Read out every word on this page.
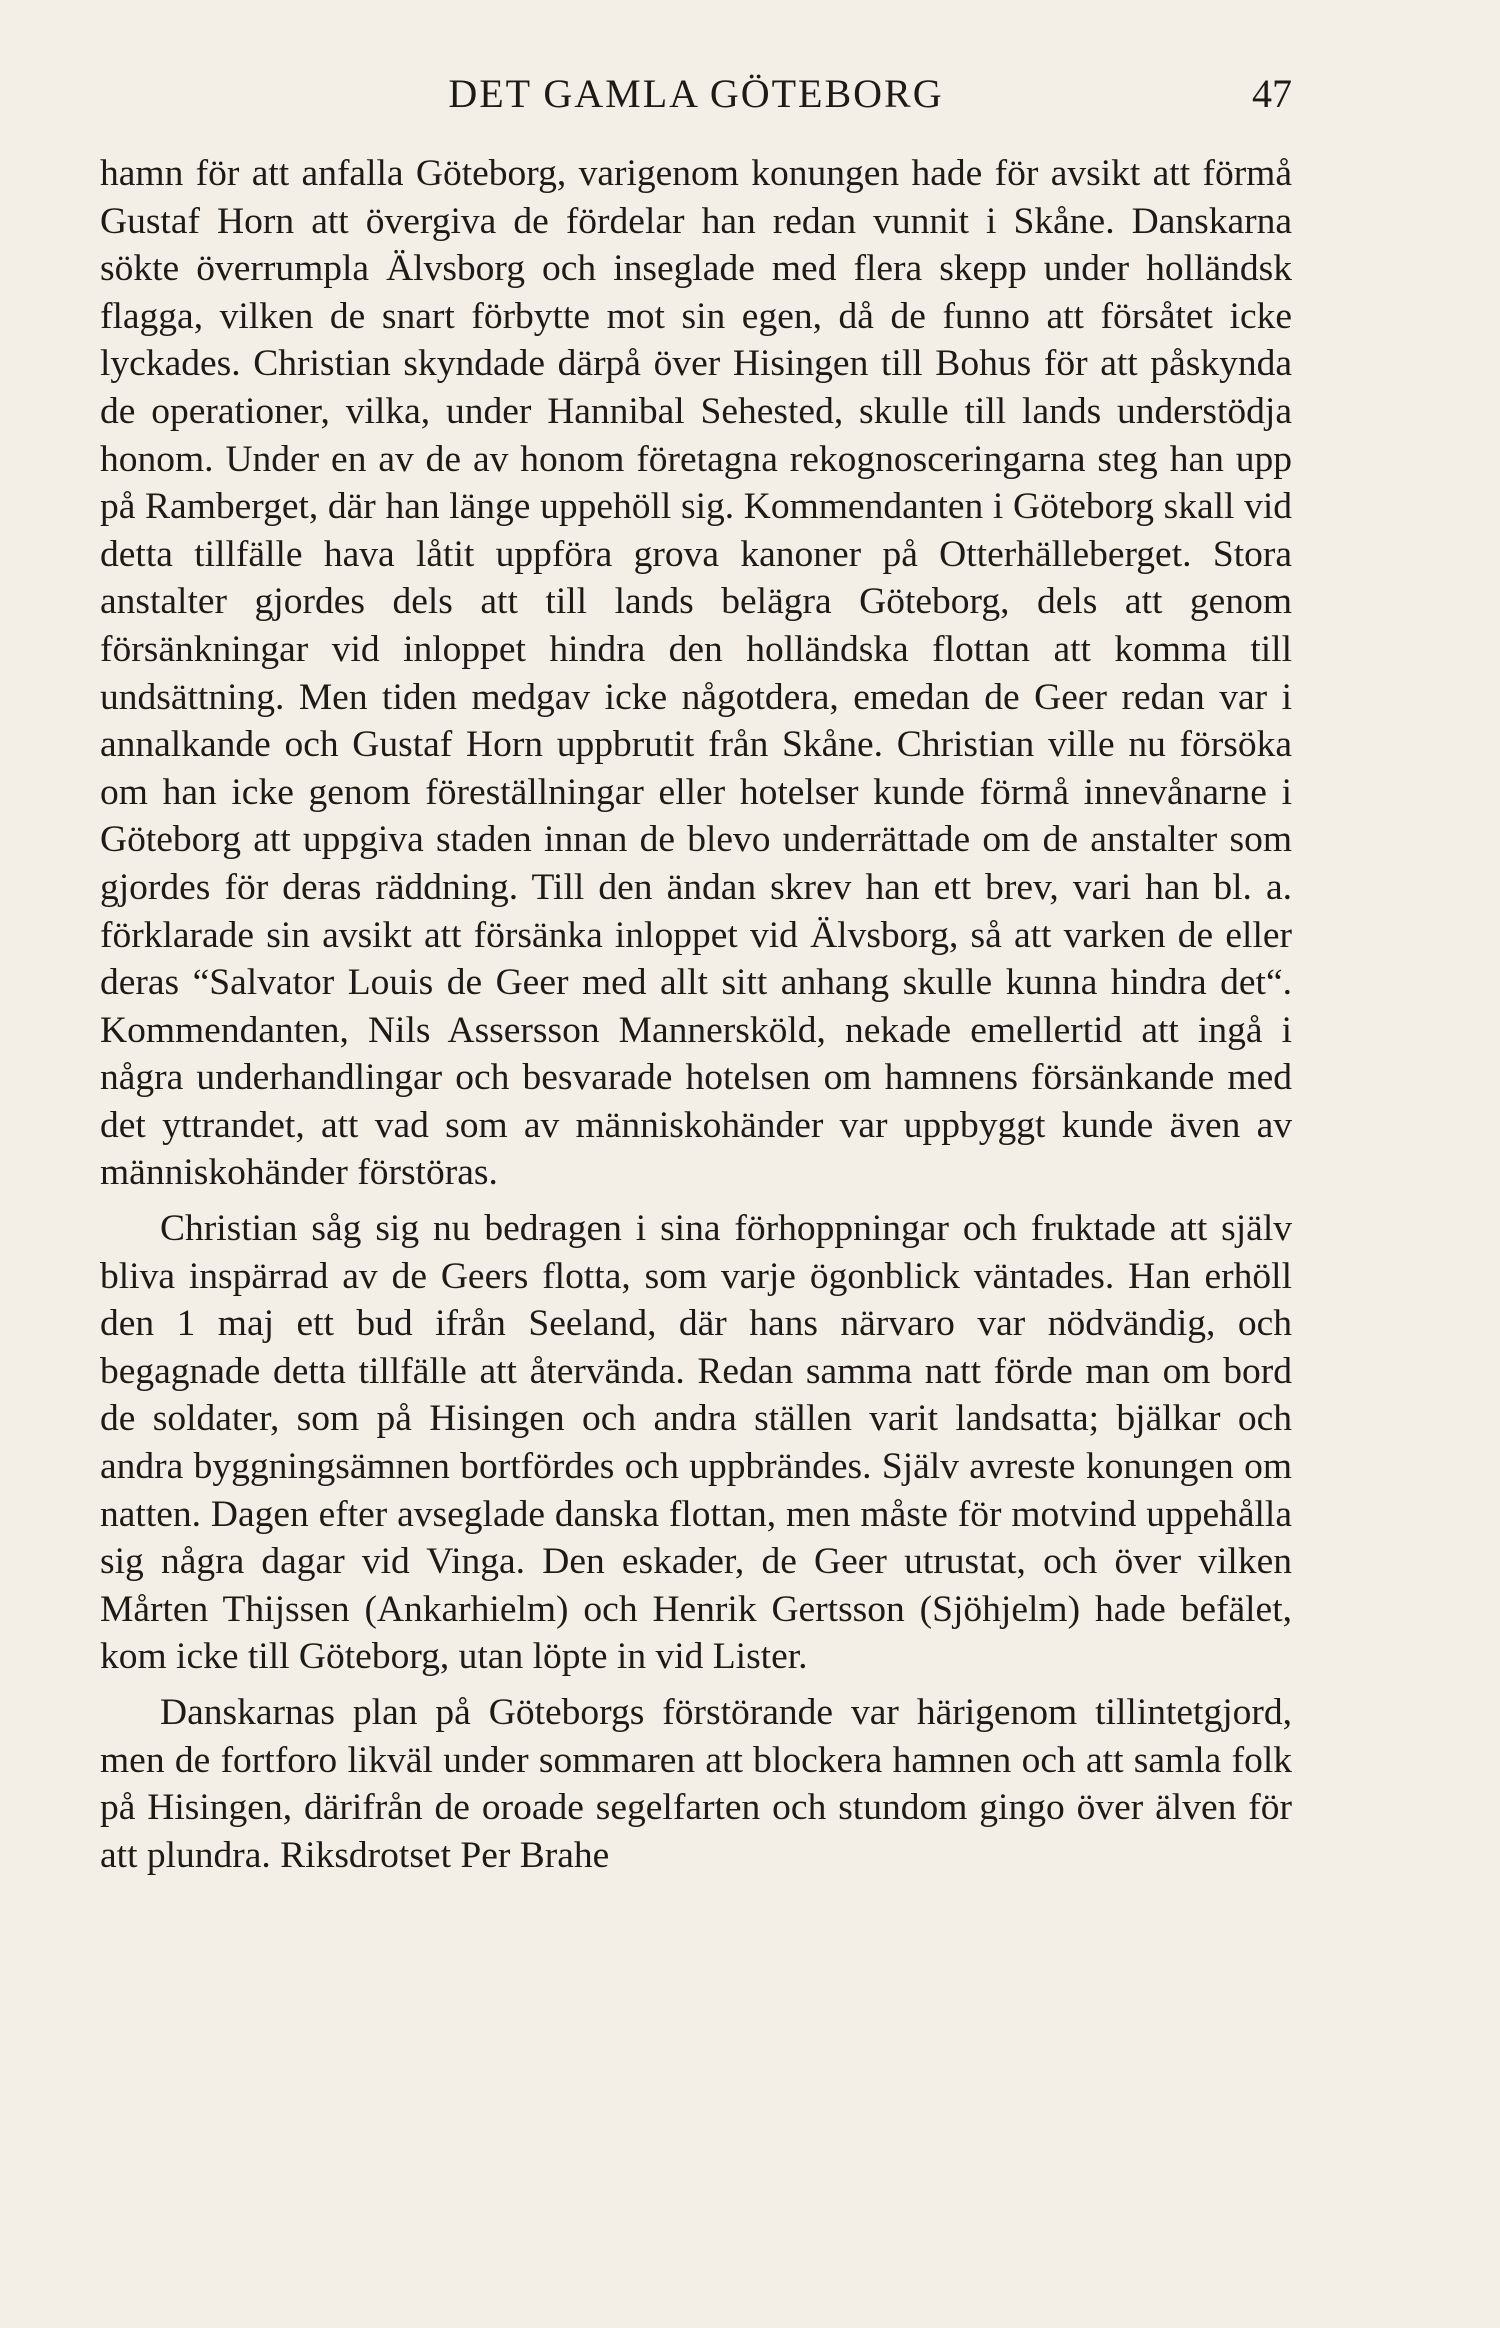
DET GAMLA GÖTEBORG	47

hamn för att anfalla Göteborg, varigenom konungen hade för avsikt att förmå Gustaf Horn att övergiva de fördelar han redan vunnit i Skåne. Danskarna sökte överrumpla Älvsborg och inseglade med flera skepp under holländsk flagga, vilken de snart förbytte mot sin egen, då de funno att försåtet icke lyckades. Christian skyndade därpå över Hisingen till Bohus för att påskynda de operationer, vilka, under Hannibal Sehested, skulle till lands understödja honom. Under en av de av honom företagna rekognosceringarna steg han upp på Ramberget, där han länge uppehöll sig. Kommendanten i Göteborg skall vid detta tillfälle hava låtit uppföra grova kanoner på Otterhälleberget. Stora anstalter gjordes dels att till lands belägra Göteborg, dels att genom försänkningar vid inloppet hindra den holländska flottan att komma till undsättning. Men tiden medgav icke någotdera, emedan de Geer redan var i annalkande och Gustaf Horn uppbrutit från Skåne. Christian ville nu försöka om han icke genom föreställningar eller hotelser kunde förmå innevånarne i Göteborg att uppgiva staden innan de blevo underrättade om de anstalter som gjordes för deras räddning. Till den ändan skrev han ett brev, vari han bl. a. förklarade sin avsikt att försänka inloppet vid Älvsborg, så att varken de eller deras “Salvator Louis de Geer med allt sitt anhang skulle kunna hindra det“. Kommendanten, Nils Assersson Mannersköld, nekade emellertid att ingå i några underhandlingar och besvarade hotelsen om hamnens försänkande med det yttrandet, att vad som av människohänder var uppbyggt kunde även av människohänder förstöras.

Christian såg sig nu bedragen i sina förhoppningar och fruktade att själv bliva inspärrad av de Geers flotta, som varje ögonblick väntades. Han erhöll den 1 maj ett bud ifrån Seeland, där hans närvaro var nödvändig, och begagnade detta tillfälle att återvända. Redan samma natt förde man om bord de soldater, som på Hisingen och andra ställen varit landsatta; bjälkar och andra byggningsämnen bortfördes och uppbrändes. Själv avreste konungen om natten. Dagen efter avseglade danska flottan, men måste för motvind uppehålla sig några dagar vid Vinga. Den eskader, de Geer utrustat, och över vilken Mårten Thijssen (Ankarhielm) och Henrik Gertsson (Sjöhjelm) hade befälet, kom icke till Göteborg, utan löpte in vid Lister.

Danskarnas plan på Göteborgs förstörande var härigenom tillintetgjord, men de fortforo likväl under sommaren att blockera hamnen och att samla folk på Hisingen, därifrån de oroade segelfarten och stundom gingo över älven för att plundra. Riksdrotset Per Brahe
